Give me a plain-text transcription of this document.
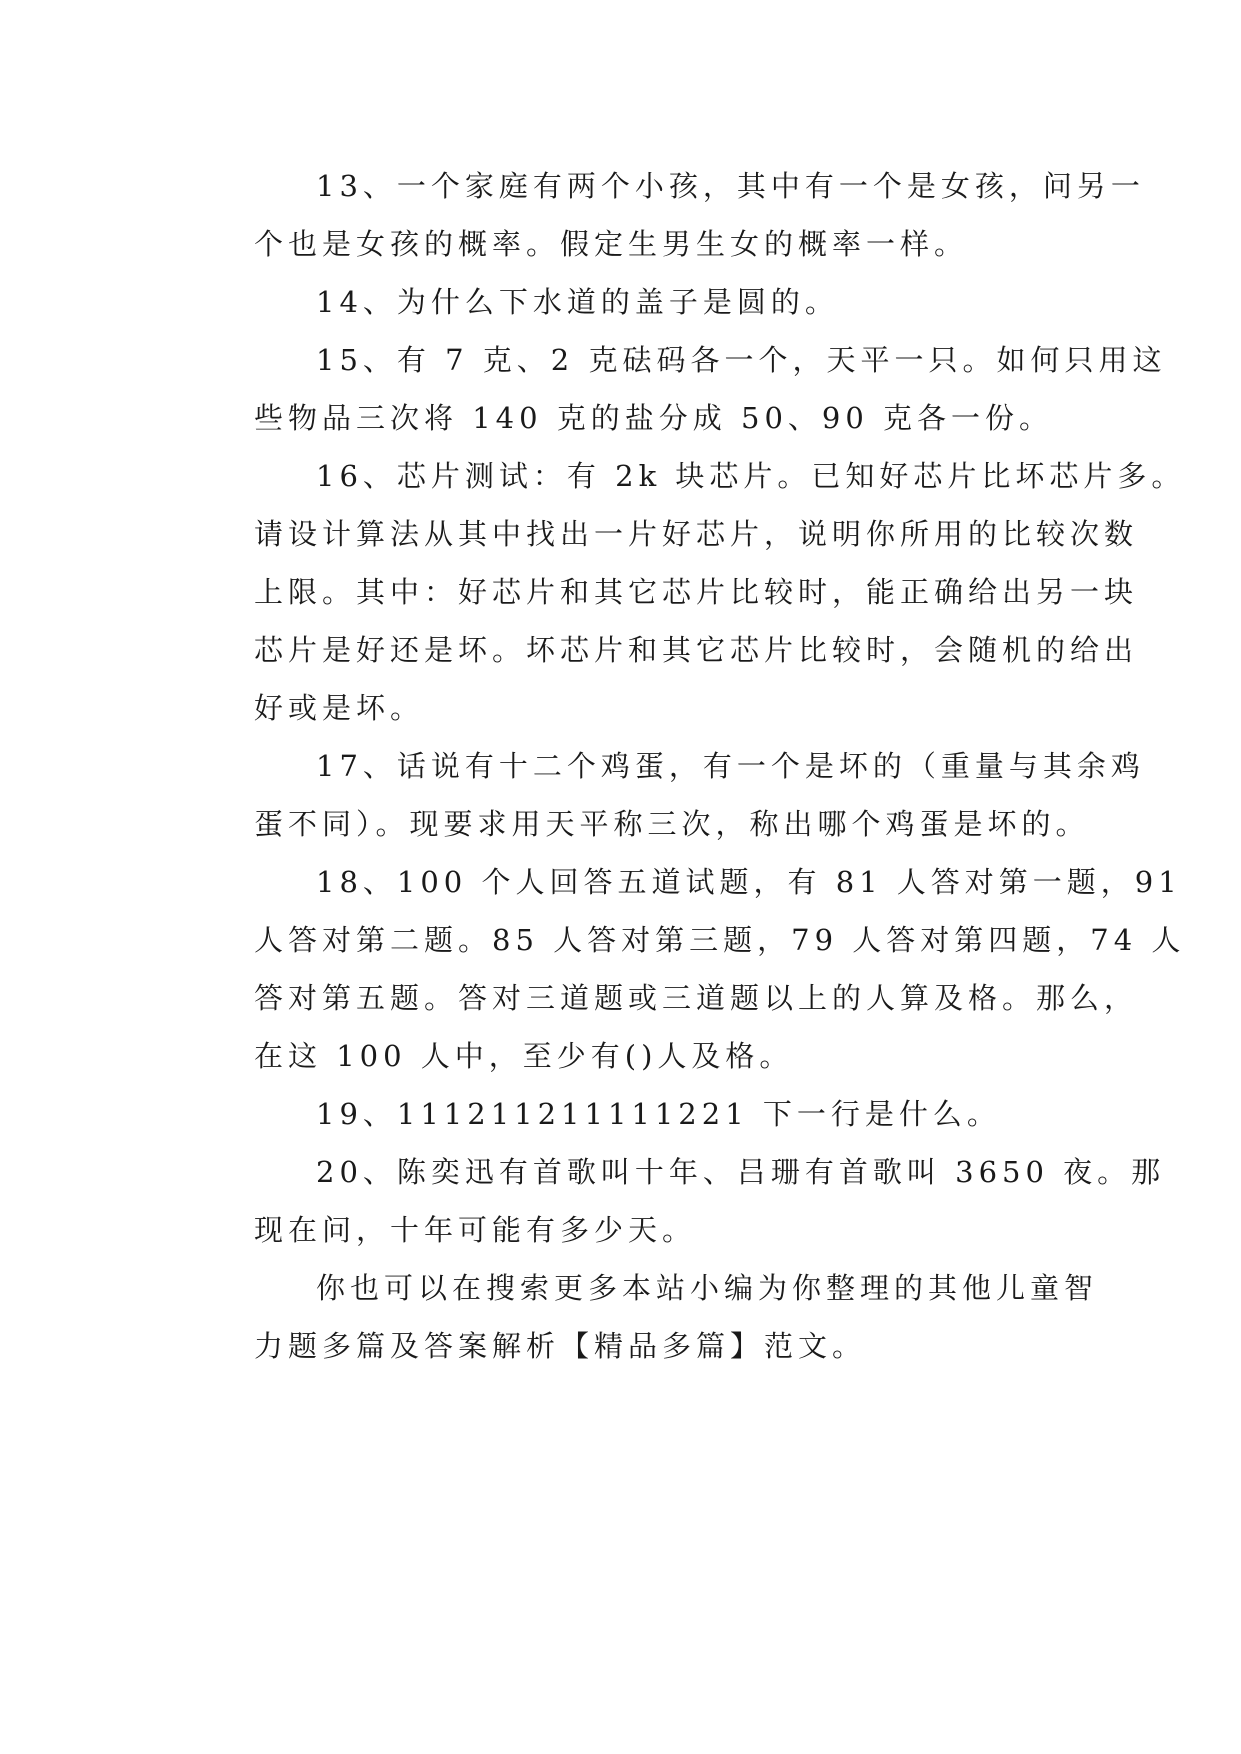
13、一个家庭有两个小孩，其中有一个是女孩，问另一
个也是女孩的概率。假定生男生女的概率一样。
14、为什么下水道的盖子是圆的。
15、有 7 克、2 克砝码各一个，天平一只。如何只用这
些物品三次将 140 克的盐分成 50、90 克各一份。
16、芯片测试：有 2k 块芯片。已知好芯片比坏芯片多。
请设计算法从其中找出一片好芯片，说明你所用的比较次数
上限。其中：好芯片和其它芯片比较时，能正确给出另一块
芯片是好还是坏。坏芯片和其它芯片比较时，会随机的给出
好或是坏。
17、话说有十二个鸡蛋，有一个是坏的（重量与其余鸡
蛋不同）。现要求用天平称三次，称出哪个鸡蛋是坏的。
18、100 个人回答五道试题，有 81 人答对第一题，91
人答对第二题。85 人答对第三题，79 人答对第四题，74 人
答对第五题。答对三道题或三道题以上的人算及格。那么，
在这 100 人中，至少有()人及格。
19、111211211111221 下一行是什么。
20、陈奕迅有首歌叫十年、吕珊有首歌叫 3650 夜。那
现在问，十年可能有多少天。
你也可以在搜索更多本站小编为你整理的其他儿童智
力题多篇及答案解析【精品多篇】范文。
